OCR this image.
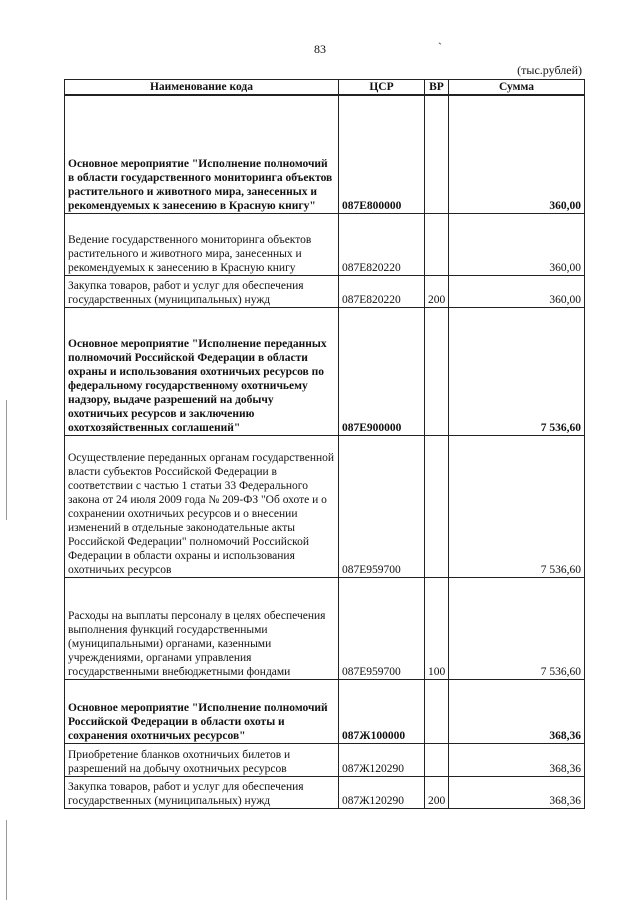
83	`
(тыс.рублей)
Наименование кода	ЦСР	ВР	Сумма
Основное мероприятие "Исполнение полномочий в области государственного мониторинга объектов растительного и животного мира, занесенных и рекомендуемых к занесению в Красную книгу"	087E800000		360,00
Ведение государственного мониторинга объектов растительного и животного мира, занесенных и рекомендуемых к занесению в Красную книгу	087E820220		360,00
Закупка товаров, работ и услуг для обеспечения государственных (муниципальных) нужд	087E820220	200	360,00
Основное мероприятие "Исполнение переданных полномочий Российской Федерации в области охраны и использования охотничьих ресурсов по федеральному государственному охотничьему надзору, выдаче разрешений на добычу охотничьих ресурсов и заключению охотхозяйственных соглашений"	087E900000		7 536,60
Осуществление переданных органам государственной власти субъектов Российской Федерации в соответствии с частью 1 статьи 33 Федерального закона от 24 июля 2009 года № 209-ФЗ "Об охоте и о сохранении охотничьих ресурсов и о внесении изменений в отдельные законодательные акты Российской Федерации" полномочий Российской Федерации в области охраны и использования охотничьих ресурсов	087E959700		7 536,60
Расходы на выплаты персоналу в целях обеспечения выполнения функций государственными (муниципальными) органами, казенными учреждениями, органами управления государственными внебюджетными фондами	087E959700	100	7 536,60
Основное мероприятие "Исполнение полномочий Российской Федерации в области охоты и сохранения охотничьих ресурсов"	087Ж100000		368,36
Приобретение бланков охотничьих билетов и разрешений на добычу охотничьих ресурсов	087Ж120290		368,36
Закупка товаров, работ и услуг для обеспечения государственных (муниципальных) нужд	087Ж120290	200	368,36
